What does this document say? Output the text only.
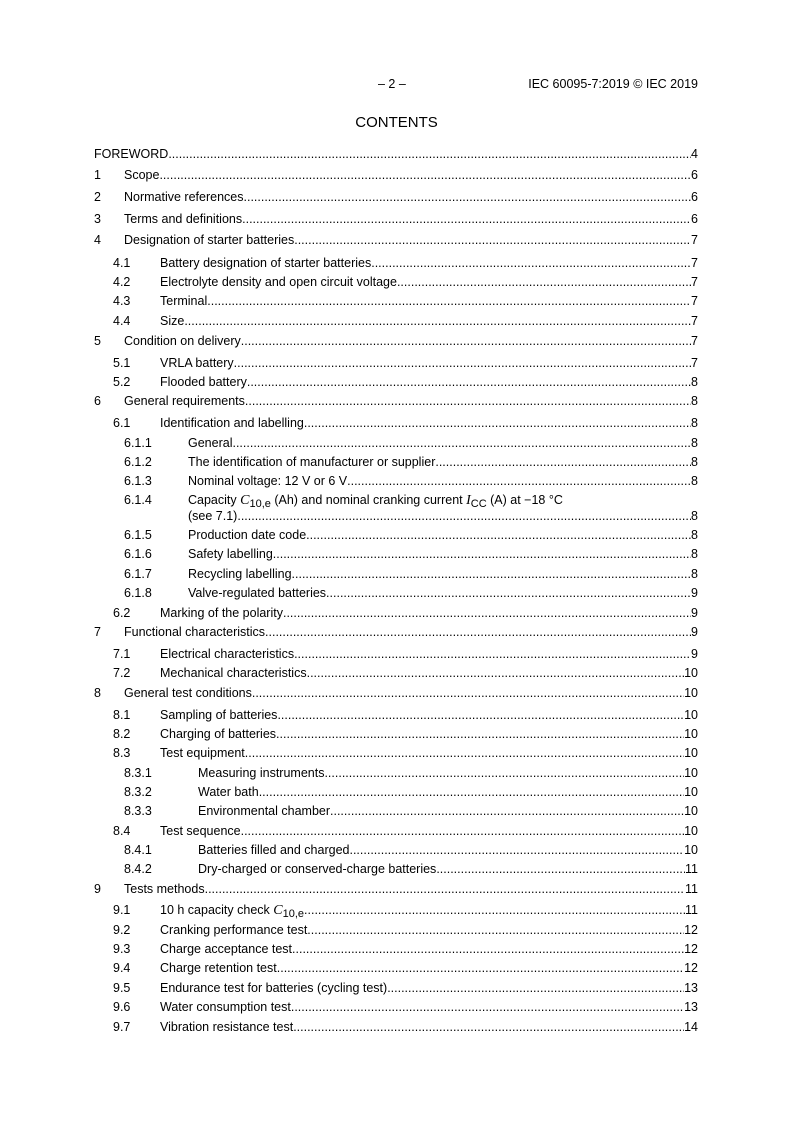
– 2 –	IEC 60095-7:2019 © IEC 2019
CONTENTS
FOREWORD .....	4
1 Scope .....	6
2 Normative references .....	6
3 Terms and definitions .....	6
4 Designation of starter batteries .....	7
4.1 Battery designation of starter batteries .....	7
4.2 Electrolyte density and open circuit voltage .....	7
4.3 Terminal .....	7
4.4 Size .....	7
5 Condition on delivery .....	7
5.1 VRLA battery .....	7
5.2 Flooded battery .....	8
6 General requirements .....	8
6.1 Identification and labelling .....	8
6.1.1	General .....	8
6.1.2	The identification of manufacturer or supplier .....	8
6.1.3	Nominal voltage: 12 V or 6 V .....	8
6.1.4	Capacity $C_{10,e}$ (Ah) and nominal cranking current $I_{CC}$ (A) at −18 °C
(see 7.1) .....	8
6.1.5	Production date code .....	8
6.1.6	Safety labelling .....	8
6.1.7	Recycling labelling .....	8
6.1.8	Valve-regulated batteries .....	9
6.2 Marking of the polarity .....	9
7 Functional characteristics .....	9
7.1 Electrical characteristics .....	9
7.2 Mechanical characteristics .....	10
8 General test conditions .....	10
8.1 Sampling of batteries .....	10
8.2 Charging of batteries .....	10
8.3 Test equipment .....	10
8.3.1	Measuring instruments .....	10
8.3.2	Water bath .....	10
8.3.3	Environmental chamber .....	10
8.4 Test sequence .....	10
8.4.1	Batteries filled and charged .....	10
8.4.2	Dry-charged or conserved-charge batteries .....	11
9 Tests methods .....	11
9.1 10 h capacity check $C_{10,e}$ .....	11
9.2 Cranking performance test .....	12
9.3 Charge acceptance test .....	12
9.4 Charge retention test .....	12
9.5 Endurance test for batteries (cycling test) .....	13
9.6 Water consumption test .....	13
9.7 Vibration resistance test .....	14
